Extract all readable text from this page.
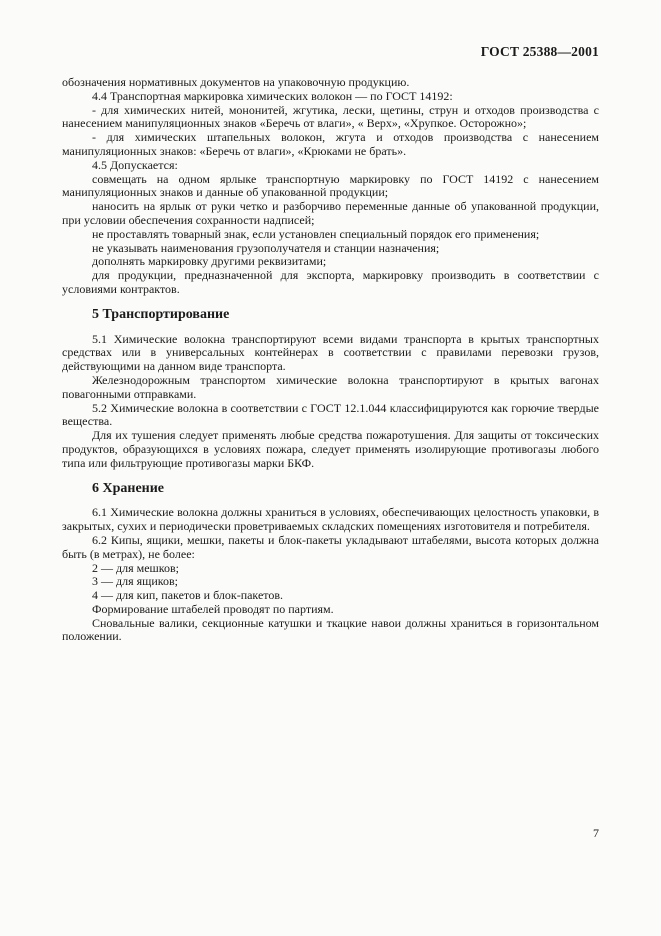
ГОСТ 25388—2001

обозначения нормативных документов на упаковочную продукцию.

4.4 Транспортная маркировка химических волокон — по ГОСТ 14192:

- для химических нитей, мононитей, жгутика, лески, щетины, струн и отходов производства с нанесением манипуляционных знаков «Беречь от влаги», « Верх», «Хрупкое. Осторожно»;

- для химических штапельных волокон, жгута и отходов производства с нанесением манипуляционных знаков: «Беречь от влаги», «Крюками не брать».

4.5 Допускается:

совмещать на одном ярлыке транспортную маркировку по ГОСТ 14192 с нанесением манипуляционных знаков и данные об упакованной продукции;

наносить на ярлык от руки четко и разборчиво переменные данные об упакованной продукции, при условии обеспечения сохранности надписей;

не проставлять товарный знак, если установлен специальный порядок его применения;

не указывать наименования грузополучателя и станции назначения;

дополнять маркировку другими реквизитами;

для продукции, предназначенной для экспорта, маркировку производить в соответствии с условиями контрактов.

5 Транспортирование

5.1 Химические волокна транспортируют всеми видами транспорта в крытых транспортных средствах или в универсальных контейнерах в соответствии с правилами перевозки грузов, действующими на данном виде транспорта.

Железнодорожным транспортом химические волокна транспортируют в крытых вагонах повагонными отправками.

5.2 Химические волокна в соответствии с ГОСТ 12.1.044 классифицируются как горючие твердые вещества.

Для их тушения следует применять любые средства пожаротушения. Для защиты от токсических продуктов, образующихся в условиях пожара, следует применять изолирующие противогазы любого типа или фильтрующие противогазы марки БКФ.

6 Хранение

6.1 Химические волокна должны храниться в условиях, обеспечивающих целостность упаковки, в закрытых, сухих и периодически проветриваемых складских помещениях изготовителя и потребителя.

6.2 Кипы, ящики, мешки, пакеты и блок-пакеты укладывают штабелями, высота которых должна быть (в метрах), не более:

2 — для мешков;

3 — для ящиков;

4 — для кип, пакетов и блок-пакетов.

Формирование штабелей проводят по партиям.

Сновальные валики, секционные катушки и ткацкие навои должны храниться в горизонтальном положении.

7
